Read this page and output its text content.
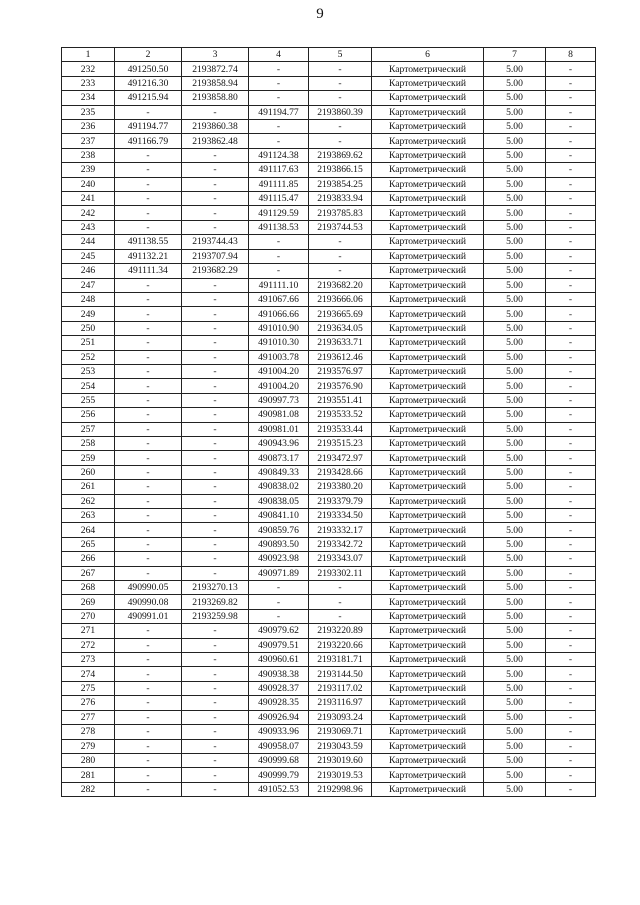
9
1	2	3	4	5	6	7	8
232	491250.50	2193872.74	-	-	Картометрический	5.00	-
233	491216.30	2193858.94	-	-	Картометрический	5.00	-
234	491215.94	2193858.80	-	-	Картометрический	5.00	-
235	-	-	491194.77	2193860.39	Картометрический	5.00	-
236	491194.77	2193860.38	-	-	Картометрический	5.00	-
237	491166.79	2193862.48	-	-	Картометрический	5.00	-
238	-	-	491124.38	2193869.62	Картометрический	5.00	-
239	-	-	491117.63	2193866.15	Картометрический	5.00	-
240	-	-	491111.85	2193854.25	Картометрический	5.00	-
241	-	-	491115.47	2193833.94	Картометрический	5.00	-
242	-	-	491129.59	2193785.83	Картометрический	5.00	-
243	-	-	491138.53	2193744.53	Картометрический	5.00	-
244	491138.55	2193744.43	-	-	Картометрический	5.00	-
245	491132.21	2193707.94	-	-	Картометрический	5.00	-
246	491111.34	2193682.29	-	-	Картометрический	5.00	-
247	-	-	491111.10	2193682.20	Картометрический	5.00	-
248	-	-	491067.66	2193666.06	Картометрический	5.00	-
249	-	-	491066.66	2193665.69	Картометрический	5.00	-
250	-	-	491010.90	2193634.05	Картометрический	5.00	-
251	-	-	491010.30	2193633.71	Картометрический	5.00	-
252	-	-	491003.78	2193612.46	Картометрический	5.00	-
253	-	-	491004.20	2193576.97	Картометрический	5.00	-
254	-	-	491004.20	2193576.90	Картометрический	5.00	-
255	-	-	490997.73	2193551.41	Картометрический	5.00	-
256	-	-	490981.08	2193533.52	Картометрический	5.00	-
257	-	-	490981.01	2193533.44	Картометрический	5.00	-
258	-	-	490943.96	2193515.23	Картометрический	5.00	-
259	-	-	490873.17	2193472.97	Картометрический	5.00	-
260	-	-	490849.33	2193428.66	Картометрический	5.00	-
261	-	-	490838.02	2193380.20	Картометрический	5.00	-
262	-	-	490838.05	2193379.79	Картометрический	5.00	-
263	-	-	490841.10	2193334.50	Картометрический	5.00	-
264	-	-	490859.76	2193332.17	Картометрический	5.00	-
265	-	-	490893.50	2193342.72	Картометрический	5.00	-
266	-	-	490923.98	2193343.07	Картометрический	5.00	-
267	-	-	490971.89	2193302.11	Картометрический	5.00	-
268	490990.05	2193270.13	-	-	Картометрический	5.00	-
269	490990.08	2193269.82	-	-	Картометрический	5.00	-
270	490991.01	2193259.98	-	-	Картометрический	5.00	-
271	-	-	490979.62	2193220.89	Картометрический	5.00	-
272	-	-	490979.51	2193220.66	Картометрический	5.00	-
273	-	-	490960.61	2193181.71	Картометрический	5.00	-
274	-	-	490938.38	2193144.50	Картометрический	5.00	-
275	-	-	490928.37	2193117.02	Картометрический	5.00	-
276	-	-	490928.35	2193116.97	Картометрический	5.00	-
277	-	-	490926.94	2193093.24	Картометрический	5.00	-
278	-	-	490933.96	2193069.71	Картометрический	5.00	-
279	-	-	490958.07	2193043.59	Картометрический	5.00	-
280	-	-	490999.68	2193019.60	Картометрический	5.00	-
281	-	-	490999.79	2193019.53	Картометрический	5.00	-
282	-	-	491052.53	2192998.96	Картометрический	5.00	-
